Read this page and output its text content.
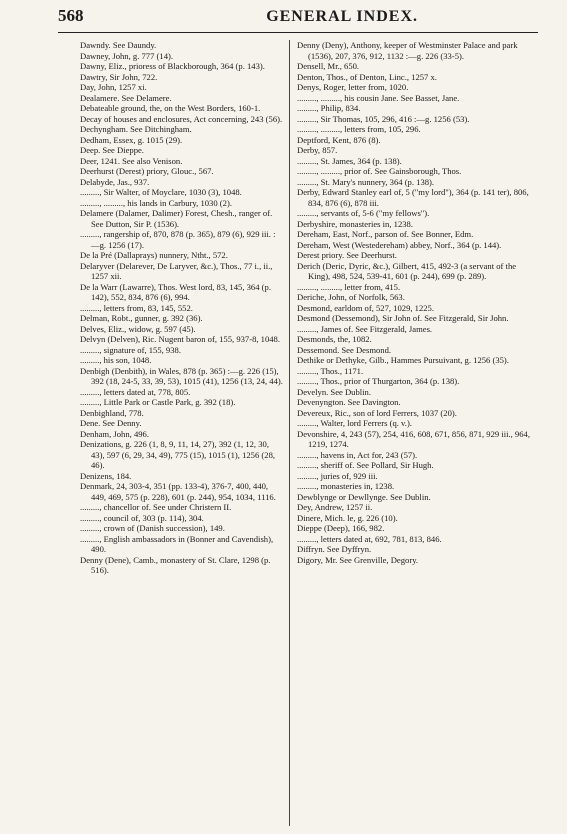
568	GENERAL INDEX.

Dawndy. See Daundy.

Dawney, John, g. 777 (14).

Dawny, Eliz., prioress of Blackborough, 364 (p. 143).

Dawtry, Sir John, 722.

Day, John, 1257 xi.

Dealamere. See Delamere.

Debateable ground, the, on the West Borders, 160-1.

Decay of houses and enclosures, Act concerning, 243 (56).

Dechyngham. See Ditchingham.

Dedham, Essex, g. 1015 (29).

Deep. See Dieppe.

Deer, 1241. See also Venison.

Deerhurst (Derest) priory, Glouc., 567.

Delabyde, Jas., 937.

........., Sir Walter, of Moyclare, 1030 (3), 1048.

........., ........., his lands in Carbury, 1030 (2).

Delamere (Dalamer, Dalimer) Forest, Chesh., ranger of. See Dutton, Sir P. (1536).

........., rangership of, 870, 878 (p. 365), 879 (6), 929 iii. :—g. 1256 (17).

De la Pré (Dallaprays) nunnery, Ntht., 572.

Delaryver (Delarever, De Laryver, &c.), Thos., 77 i., ii., 1257 xii.

De la Warr (Lawarre), Thos. West lord, 83, 145, 364 (p. 142), 552, 834, 876 (6), 994.

........., letters from, 83, 145, 552.

Delman, Robt., gunner, g. 392 (36).

Delves, Eliz., widow, g. 597 (45).

Delvyn (Delven), Ric. Nugent baron of, 155, 937-8, 1048.

........., signature of, 155, 938.

........., his son, 1048.

Denbigh (Denbith), in Wales, 878 (p. 365) :—g. 226 (15), 392 (18, 24-5, 33, 39, 53), 1015 (41), 1256 (13, 24, 44).

........., letters dated at, 778, 805.

........., Little Park or Castle Park, g. 392 (18).

Denbighland, 778.

Dene. See Denny.

Denham, John, 496.

Denizations, g. 226 (1, 8, 9, 11, 14, 27), 392 (1, 12, 30, 43), 597 (6, 29, 34, 49), 775 (15), 1015 (1), 1256 (28, 46).

Denizens, 184.

Denmark, 24, 303-4, 351 (pp. 133-4), 376-7, 400, 440, 449, 469, 575 (p. 228), 601 (p. 244), 954, 1034, 1116.

........., chancellor of. See under Christern II.

........., council of, 303 (p. 114), 304.

........., crown of (Danish succession), 149.

........., English ambassadors in (Bonner and Cavendish), 490.

Denny (Dene), Camb., monastery of St. Clare, 1298 (p. 516).

Denny (Deny), Anthony, keeper of Westminster Palace and park (1536), 207, 376, 912, 1132 :—g. 226 (33-5).

Densell, Mr., 650.

Denton, Thos., of Denton, Linc., 1257 x.

Denys, Roger, letter from, 1020.

........., ........., his cousin Jane. See Basset, Jane.

........., Philip, 834.

........., Sir Thomas, 105, 296, 416 :—g. 1256 (53).

........., ........., letters from, 105, 296.

Deptford, Kent, 876 (8).

Derby, 857.

........., St. James, 364 (p. 138).

........., ........., prior of. See Gainsborough, Thos.

........., St. Mary's nunnery, 364 (p. 138).

Derby, Edward Stanley earl of, 5 ("my lord"), 364 (p. 141 ter), 806, 834, 876 (6), 878 iii.

........., servants of, 5-6 ("my fellows").

Derbyshire, monasteries in, 1238.

Dereham, East, Norf., parson of. See Bonner, Edm.

Dereham, West (Westedereham) abbey, Norf., 364 (p. 144).

Derest priory. See Deerhurst.

Derich (Deric, Dyric, &c.), Gilbert, 415, 492-3 (a servant of the King), 498, 524, 539-41, 601 (p. 244), 699 (p. 289).

........., ........., letter from, 415.

Deriche, John, of Norfolk, 563.

Desmond, earldom of, 527, 1029, 1225.

Desmond (Dessemond), Sir John of. See Fitzgerald, Sir John.

........., James of. See Fitzgerald, James.

Desmonds, the, 1082.

Dessemond. See Desmond.

Dethike or Dethyke, Gilb., Hammes Pursuivant, g. 1256 (35).

........., Thos., 1171.

........., Thos., prior of Thurgarton, 364 (p. 138).

Develyn. See Dublin.

Devenyngton. See Davington.

Devereux, Ric., son of lord Ferrers, 1037 (20).

........., Walter, lord Ferrers (q. v.).

Devonshire, 4, 243 (57), 254, 416, 608, 671, 856, 871, 929 iii., 964, 1219, 1274.

........., havens in, Act for, 243 (57).

........., sheriff of. See Pollard, Sir Hugh.

........., juries of, 929 iii.

........., monasteries in, 1238.

Dewblynge or Dewllynge. See Dublin.

Dey, Andrew, 1257 ii.

Dinere, Mich. le, g. 226 (10).

Dieppe (Deep), 166, 982.

........., letters dated at, 692, 781, 813, 846.

Diffryn. See Dyffryn.

Digory, Mr. See Grenville, Degory.
